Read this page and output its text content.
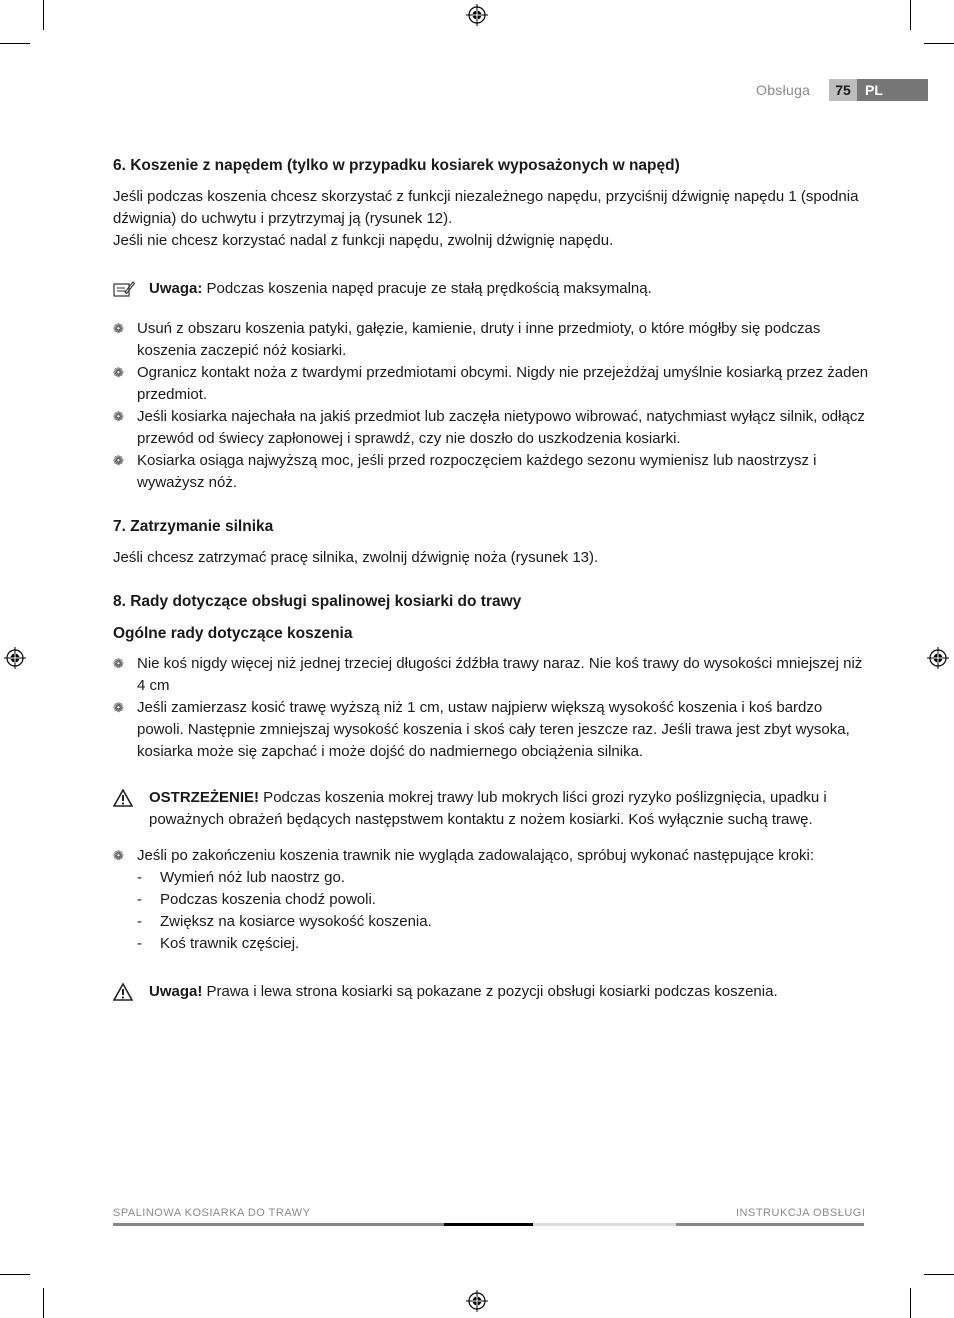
Obsługa	75	PL

6. Koszenie z napędem (tylko w przypadku kosiarek wyposażonych w napęd)

Jeśli podczas koszenia chcesz skorzystać z funkcji niezależnego napędu, przyciśnij dźwignię napędu 1 (spodnia dźwignia) do uchwytu i przytrzymaj ją (rysunek 12).

Jeśli nie chcesz korzystać nadal z funkcji napędu, zwolnij dźwignię napędu.

Uwaga: Podczas koszenia napęd pracuje ze stałą prędkością maksymalną.
❁ Usuń z obszaru koszenia patyki, gałęzie, kamienie, druty i inne przedmioty, o które mógłby się podczas koszenia zaczepić nóż kosiarki.
❁ Ogranicz kontakt noża z twardymi przedmiotami obcymi. Nigdy nie przejeżdżaj umyślnie kosiarką przez żaden przedmiot.
❁ Jeśli kosiarka najechała na jakiś przedmiot lub zaczęła nietypowo wibrować, natychmiast wyłącz silnik, odłącz przewód od świecy zapłonowej i sprawdź, czy nie doszło do uszkodzenia kosiarki.
❁ Kosiarka osiąga najwyższą moc, jeśli przed rozpoczęciem każdego sezonu wymienisz lub naostrzysz i wyważysz nóż.

7. Zatrzymanie silnika

Jeśli chcesz zatrzymać pracę silnika, zwolnij dźwignię noża (rysunek 13).

8. Rady dotyczące obsługi spalinowej kosiarki do trawy

Ogólne rady dotyczące koszenia

❁ Nie koś nigdy więcej niż jednej trzeciej długości źdźbła trawy naraz. Nie koś trawy do wysokości mniejszej niż 4 cm
❁ Jeśli zamierzasz kosić trawę wyższą niż 1 cm, ustaw najpierw większą wysokość koszenia i koś bardzo powoli. Następnie zmniejszaj wysokość koszenia i skoś cały teren jeszcze raz. Jeśli trawa jest zbyt wysoka, kosiarka może się zapchać i może dojść do nadmiernego obciążenia silnika.
OSTRZEŻENIE! Podczas koszenia mokrej trawy lub mokrych liści grozi ryzyko poślizgnięcia, upadku i poważnych obrażeń będących następstwem kontaktu z nożem kosiarki. Koś wyłącznie suchą trawę.
❁ Jeśli po zakończeniu koszenia trawnik nie wygląda zadowalająco, spróbuj wykonać następujące kroki:
- Wymień nóż lub naostrz go.
- Podczas koszenia chodź powoli.
- Zwiększ na kosiarce wysokość koszenia.
- Koś trawnik częściej.
Uwaga! Prawa i lewa strona kosiarki są pokazane z pozycji obsługi kosiarki podczas koszenia.
SPALINOWA KOSIARKA DO TRAWY	INSTRUKCJA OBSŁUGI
